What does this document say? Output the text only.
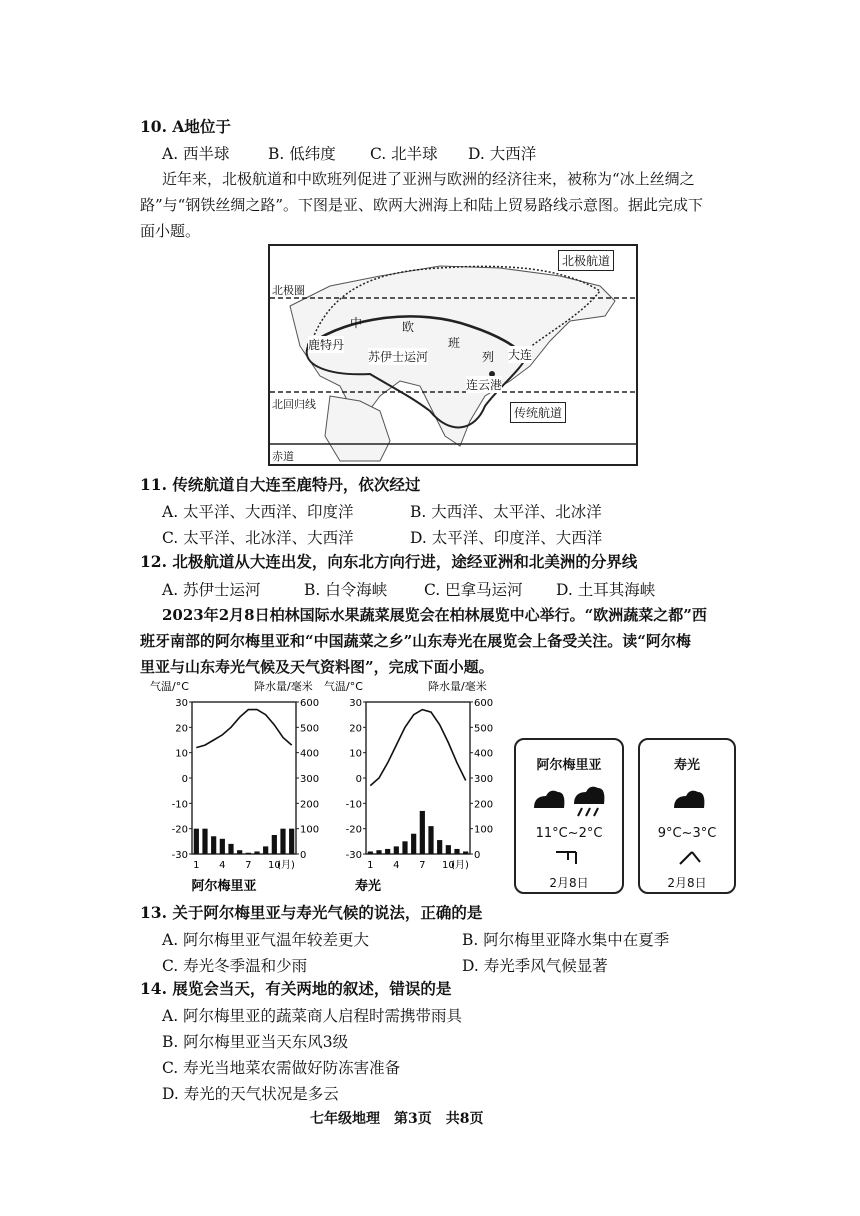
10. A地位于
A. 西半球 B. 低纬度 C. 北半球 D. 大西洋
近年来，北极航道和中欧班列促进了亚洲与欧洲的经济往来，被称为“冰上丝绸之
路”与“钢铁丝绸之路”。下图是亚、欧两大洲海上和陆上贸易路线示意图。据此完成下
面小题。
北极航道
北极圈
北回归线
赤道
传统航道
鹿特丹
苏伊士运河	大连
连云港
中	欧
班
列
11. 传统航道自大连至鹿特丹，依次经过
A. 太平洋、大西洋、印度洋	B. 大西洋、太平洋、北冰洋
C. 太平洋、北冰洋、大西洋	D. 太平洋、印度洋、大西洋
12. 北极航道从大连出发，向东北方向行进，途经亚洲和北美洲的分界线
A. 苏伊士运河	B. 白令海峡 C. 巴拿马运河 D. 土耳其海峡
2023年2月8日柏林国际水果蔬菜展览会在柏林展览中心举行。“欧洲蔬菜之都”西
班牙南部的阿尔梅里亚和“中国蔬菜之乡”山东寿光在展览会上备受关注。读“阿尔梅
里亚与山东寿光气候及天气资料图”，完成下面小题。
气温/°C	降水量/毫米
30
20
10
0
-10
-20
-30
600
500
400
300
200
100
0
1 4 7 10
(月)
阿尔梅里亚
气温/°C	降水量/毫米
30
20
10
0
-10
-20
-30
600
500
400
300
200
100
0
1 4 7 10
(月)
寿光
阿尔梅里亚
11°C~2°C
2月8日
寿光
9°C~3°C
2月8日
13. 关于阿尔梅里亚与寿光气候的说法，正确的是
A. 阿尔梅里亚气温年较差更大	B. 阿尔梅里亚降水集中在夏季
C. 寿光冬季温和少雨	D. 寿光季风气候显著
14. 展览会当天，有关两地的叙述，错误的是
A. 阿尔梅里亚的蔬菜商人启程时需携带雨具
B. 阿尔梅里亚当天东风3级
C. 寿光当地菜农需做好防冻害准备
D. 寿光的天气状况是多云
七年级地理　第3页　共8页
